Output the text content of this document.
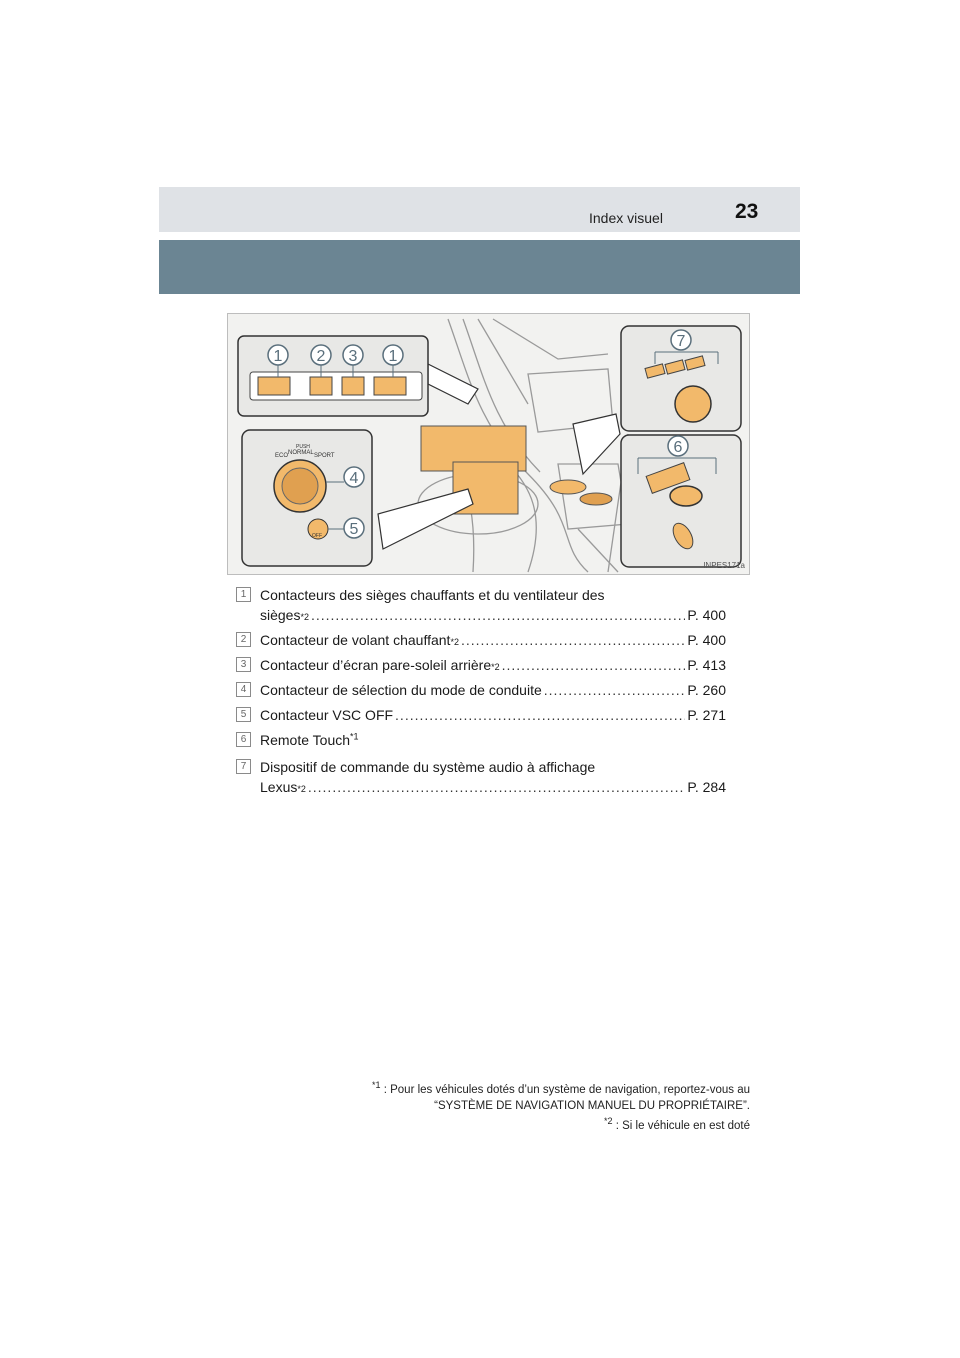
Index visuel	23
1 2 3 1
ECO NORMAL SPORT
PUSH
OFF
4
5
7
6
INPES171a
1 Contacteurs des sièges chauffants et du ventilateur des
sièges *2 .....	P. 400
2 Contacteur de volant chauffant *2 .....	P. 400
3 Contacteur d’écran pare-soleil arrière *2 .....	P. 413
4 Contacteur de sélection du mode de conduite .....	P. 260
5 Contacteur VSC OFF .....	P. 271
6 Remote Touch$^{*1}$
7 Dispositif de commande du système audio à affichage
Lexus *2 .....	P. 284
$^{*1}$ : Pour les véhicules dotés d’un système de navigation, reportez-vous au
“SYSTÈME DE NAVIGATION MANUEL DU PROPRIÉTAIRE”.
$^{*2}$ : Si le véhicule en est doté
